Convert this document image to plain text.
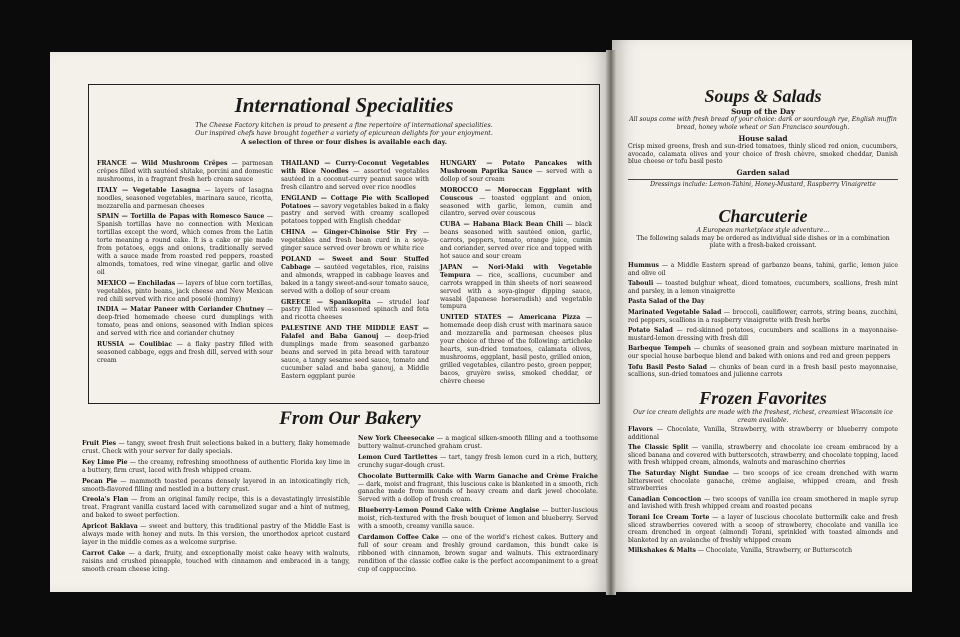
International Specialities

The Cheese Factory kitchen is proud to present a fine repertoire of international specialities.

Our inspired chefs have brought together a variety of epicurean delights for your enjoyment.

A selection of three or four dishes is available each day.

FRANCE — Wild Mushroom Crêpes — parmesan crêpes filled with sautéed shitake, porcini and domestic mushrooms, in a fragrant fresh herb cream sauce

ITALY — Vegetable Lasagna — layers of lasagna noodles, seasoned vegetables, marinara sauce, ricotta, mozzarella and parmesan cheeses

SPAIN — Tortilla de Papas with Romesco Sauce — Spanish tortillas have no connection with Mexican tortillas except the word, which comes from the Latin torte meaning a round cake. It is a cake or pie made from potatoes, eggs and onions, traditionally served with a sauce made from roasted red peppers, roasted almonds, tomatoes, red wine vinegar, garlic and olive oil

MEXICO — Enchiladas — layers of blue corn tortillas, vegetables, pinto beans, jack cheese and New Mexican red chili served with rice and posolé (hominy)

INDIA — Matar Paneer with Coriander Chutney — deep-fried homemade cheese curd dumplings with tomato, peas and onions, seasoned with Indian spices and served with rice and coriander chutney

RUSSIA — Coulibiac — a flaky pastry filled with seasoned cabbage, eggs and fresh dill, served with sour cream

THAILAND — Curry-Coconut Vegetables with Rice Noodles — assorted vegetables sautéed in a coconut-curry peanut sauce with fresh cilantro and served over rice noodles

ENGLAND — Cottage Pie with Scalloped Potatoes — savory vegetables baked in a flaky pastry and served with creamy scalloped potatoes topped with English cheddar

CHINA — Ginger-Chinoise Stir Fry — vegetables and fresh bean curd in a soya-ginger sauce served over brown or white rice

POLAND — Sweet and Sour Stuffed Cabbage — sautéed vegetables, rice, raisins and almonds, wrapped in cabbage leaves and baked in a tangy sweet-and-sour tomato sauce, served with a dollop of sour cream

GREECE — Spanikopita — strudel leaf pastry filled with seasoned spinach and feta and ricotta cheeses

PALESTINE AND THE MIDDLE EAST — Falafel and Baba Ganouj — deep-fried dumplings made from seasoned garbanzo beans and served in pita bread with taratour sauce, a tangy sesame seed sauce, tomato and cucumber salad and baba ganouj, a Middle Eastern eggplant purée

HUNGARY — Potato Pancakes with Mushroom Paprika Sauce — served with a dollop of sour cream

MOROCCO — Moroccan Eggplant with Couscous — toasted eggplant and onion, seasoned with garlic, lemon, cumin and cilantro, served over couscous

CUBA — Habana Black Bean Chili — black beans seasoned with sautéed onion, garlic, carrots, peppers, tomato, orange juice, cumin and coriander, served over rice and topped with hot sauce and sour cream

JAPAN — Nori-Maki with Vegetable Tempura — rice, scallions, cucumber and carrots wrapped in thin sheets of nori seaweed served with a soya-ginger dipping sauce, wasabi (Japanese horseradish) and vegetable tempura

UNITED STATES — Americana Pizza — homemade deep dish crust with marinara sauce and mozzarella and parmesan cheeses plus your choice of three of the following: artichoke hearts, sun-dried tomatoes, calamata olives, mushrooms, eggplant, basil pesto, grilled onion, grilled vegetables, cilantro pesto, green pepper, bacos, gruyère swiss, smoked cheddar, or chèvre cheese

From Our Bakery

Fruit Pies — tangy, sweet fresh fruit selections baked in a buttery, flaky homemade crust. Check with your server for daily specials.

Key Lime Pie — the creamy, refreshing smoothness of authentic Florida key lime in a buttery, firm crust, laced with fresh whipped cream.

Pecan Pie — mammoth toasted pecans densely layered in an intoxicatingly rich, smooth-flavored filling and nestled in a buttery crust.

Creola's Flan — from an original family recipe, this is a devastatingly irresistible treat. Fragrant vanilla custard laced with caramelized sugar and a hint of nutmeg, and baked to sweet perfection.

Apricot Baklava — sweet and buttery, this traditional pastry of the Middle East is always made with honey and nuts. In this version, the unorthodox apricot custard layer in the middle comes as a welcome surprise.

Carrot Cake — a dark, fruity, and exceptionally moist cake heavy with walnuts, raisins and crushed pineapple, touched with cinnamon and embraced in a tangy, smooth cream cheese icing.

New York Cheesecake — a magical silken-smooth filling and a toothsome buttery walnut-crunched graham crust.

Lemon Curd Tartlettes — tart, tangy fresh lemon curd in a rich, buttery, crunchy sugar-dough crust.

Chocolate Buttermilk Cake with Warm Ganache and Crème Fraiche — dark, moist and fragrant, this luscious cake is blanketed in a smooth, rich ganache made from mounds of heavy cream and dark jewel chocolate. Served with a dollop of fresh cream.

Blueberry-Lemon Pound Cake with Crème Anglaise — butter-luscious moist, rich-textured with the fresh bouquet of lemon and blueberry. Served with a smooth, creamy vanilla sauce.

Cardamon Coffee Cake — one of the world's richest cakes. Buttery and full of sour cream and freshly ground cardamon, this bundt cake is ribboned with cinnamon, brown sugar and walnuts. This extraordinary rendition of the classic coffee cake is the perfect accompaniment to a great cup of cappuccino.

Soups & Salads
Soup of the Day
All soups come with fresh bread of your choice: dark or sourdough rye, English muffin bread, honey whole wheat or San Francisco sourdough.
House salad
Crisp mixed greens, fresh and sun-dried tomatoes, thinly sliced red onion, cucumbers, avocado, calamata olives and your choice of fresh chèvre, smoked cheddar, Danish blue cheese or tofu basil pesto
Garden salad
Dressings include: Lemon-Tahini, Honey-Mustard, Raspberry Vinaigrette
Charcuterie
A European marketplace style adventure…
The following salads may be ordered as individual side dishes or in a combination plate with a fresh-baked croissant.

Hummus — a Middle Eastern spread of garbanzo beans, tahini, garlic, lemon juice and olive oil

Tabouli — toasted bulghur wheat, diced tomatoes, cucumbers, scallions, fresh mint and parsley, in a lemon vinaigrette

Pasta Salad of the Day

Marinated Vegetable Salad — broccoli, cauliflower, carrots, string beans, zucchini, red peppers, scallions in a raspberry vinaigrette with fresh herbs

Potato Salad — red-skinned potatoes, cucumbers and scallions in a mayonnaise-mustard-lemon dressing with fresh dill

Barbeque Tempeh — chunks of seasoned grain and soybean mixture marinated in our special house barbeque blend and baked with onions and red and green peppers

Tofu Basil Pesto Salad — chunks of bean curd in a fresh basil pesto mayonnaise, scallions, sun-dried tomatoes and julienne carrots

Frozen Favorites
Our ice cream delights are made with the freshest, richest, creamiest Wisconsin ice cream available.

Flavors — Chocolate, Vanilla, Strawberry, with strawberry or blueberry compote additional

The Classic Split — vanilla, strawberry and chocolate ice cream embraced by a sliced banana and covered with butterscotch, strawberry, and chocolate topping, laced with fresh whipped cream, almonds, walnuts and maraschino cherries

The Saturday Night Sundae — two scoops of ice cream drenched with warm bittersweet chocolate ganache, crème anglaise, whipped cream, and fresh strawberries

Canadian Concoction — two scoops of vanilla ice cream smothered in maple syrup and lavished with fresh whipped cream and roasted pecans

Torani Ice Cream Torte — a layer of luscious chocolate buttermilk cake and fresh sliced strawberries covered with a scoop of strawberry, chocolate and vanilla ice cream drenched in orgeat (almond) Torani, sprinkled with toasted almonds and blanketed by an avalanche of freshly whipped cream

Milkshakes & Malts — Chocolate, Vanilla, Strawberry, or Butterscotch
